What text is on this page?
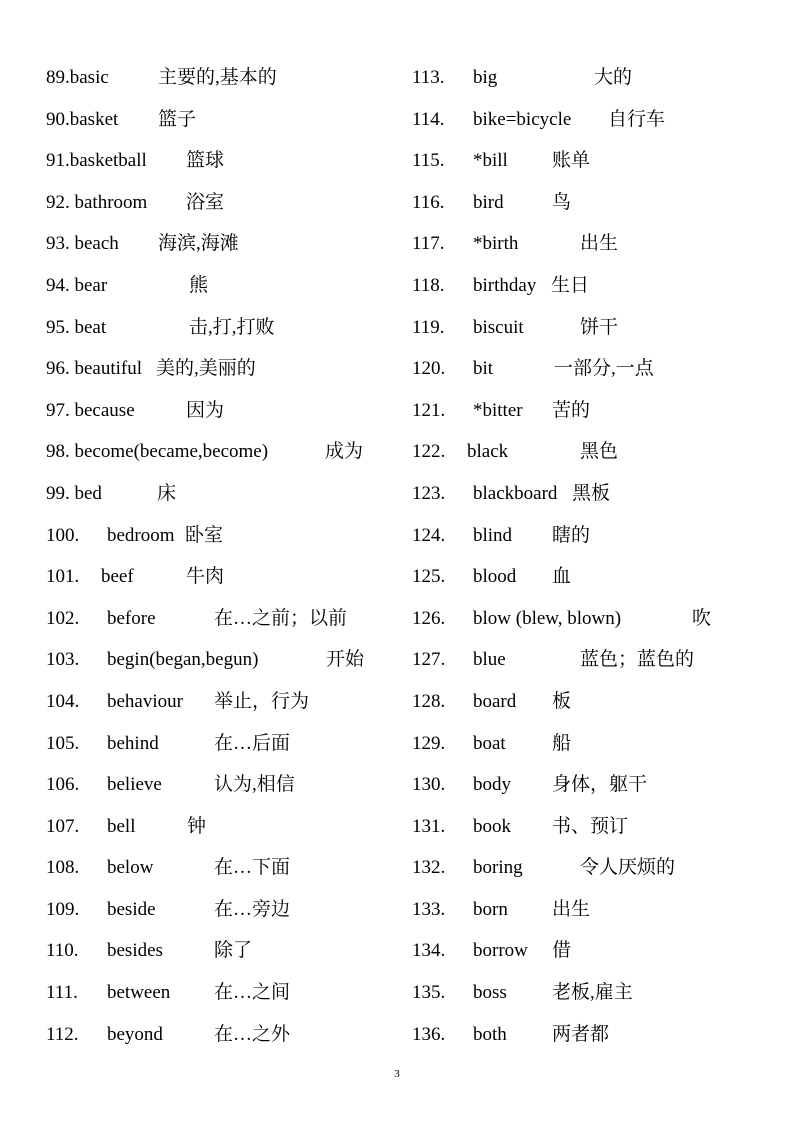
89.basic	主要的,基本的
90.basket 篮子
91.basketball 篮球
92. bathroom 浴室
93. beach 海滨,海滩
94. bear	熊
95. beat	击,打,打败
96. beautiful 美的,美丽的
97. because	因为
98. become(became,become)	成为
99. bed	床
100. bedroom 卧室
101. beef	牛肉
102. before	在…之前；以前
103. begin(began,begun)	开始
104. behaviour 举止，行为
105. behind	在…后面
106. believe	认为,相信
107. bell	钟
108. below	在…下面
109. beside	在…旁边
110. besides	除了
111. between 在…之间
112. beyond	在…之外
113. big	大的
114. bike=bicycle 自行车
115. *bill 账单
116. bird	鸟
117. *birth	出生
118. birthday 生日
119. biscuit	饼干
120. bit	一部分,一点
121. *bitter 苦的
122. black	黑色
123. blackboard 黑板
124. blind 瞎的
125. blood 血
126. blow (blew, blown)	吹
127. blue	蓝色；蓝色的
128. board 板
129. boat 船
130. body 身体，躯干
131. book 书、预订
132. boring	令人厌烦的
133. born 出生
134. borrow 借
135. boss 老板,雇主
136. both 两者都
3
